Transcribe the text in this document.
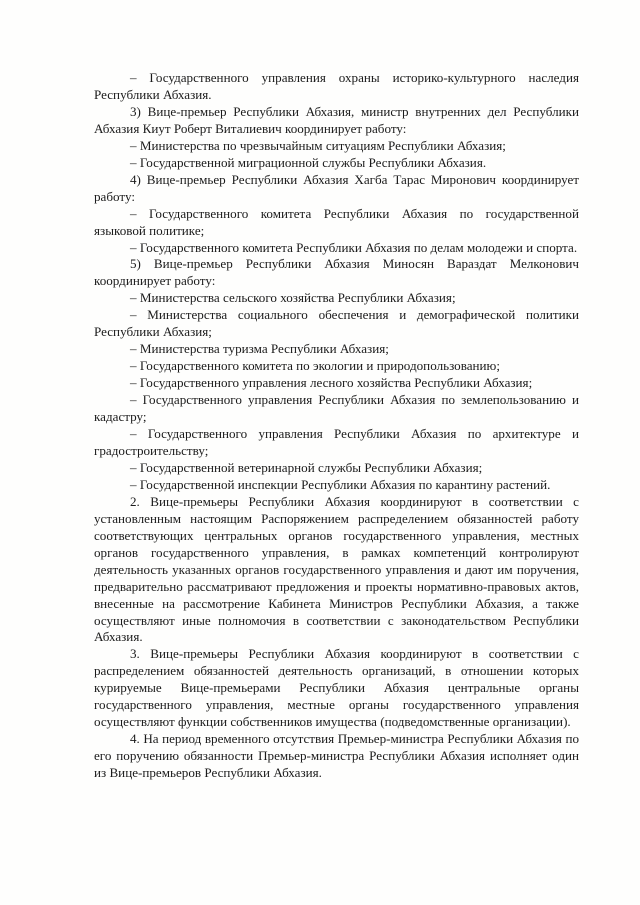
– Государственного управления охраны историко-культурного наследия Республики Абхазия.

3) Вице-премьер Республики Абхазия, министр внутренних дел Республики Абхазия Киут Роберт Виталиевич координирует работу:

– Министерства по чрезвычайным ситуациям Республики Абхазия;

– Государственной миграционной службы Республики Абхазия.

4) Вице-премьер Республики Абхазия Хагба Тарас Миронович координирует работу:

– Государственного комитета Республики Абхазия по государственной языковой политике;

– Государственного комитета Республики Абхазия по делам молодежи и спорта.

5) Вице-премьер Республики Абхазия Миносян Вараздат Мелконович координирует работу:

– Министерства сельского хозяйства Республики Абхазия;

– Министерства социального обеспечения и демографической политики Республики Абхазия;

– Министерства туризма Республики Абхазия;

– Государственного комитета по экологии и природопользованию;

– Государственного управления лесного хозяйства Республики Абхазия;

– Государственного управления Республики Абхазия по землепользованию и кадастру;

– Государственного управления Республики Абхазия по архитектуре и градостроительству;

– Государственной ветеринарной службы Республики Абхазия;

– Государственной инспекции Республики Абхазия по карантину растений.

2. Вице-премьеры Республики Абхазия координируют в соответствии с установленным настоящим Распоряжением распределением обязанностей работу соответствующих центральных органов государственного управления, местных органов государственного управления, в рамках компетенций контролируют деятельность указанных органов государственного управления и дают им поручения, предварительно рассматривают предложения и проекты нормативно-правовых актов, внесенные на рассмотрение Кабинета Министров Республики Абхазия, а также осуществляют иные полномочия в соответствии с законодательством Республики Абхазия.

3. Вице-премьеры Республики Абхазия координируют в соответствии с распределением обязанностей деятельность организаций, в отношении которых курируемые Вице-премьерами Республики Абхазия центральные органы государственного управления, местные органы государственного управления осуществляют функции собственников имущества (подведомственные организации).

4. На период временного отсутствия Премьер-министра Республики Абхазия по его поручению обязанности Премьер-министра Республики Абхазия исполняет один из Вице-премьеров Республики Абхазия.
